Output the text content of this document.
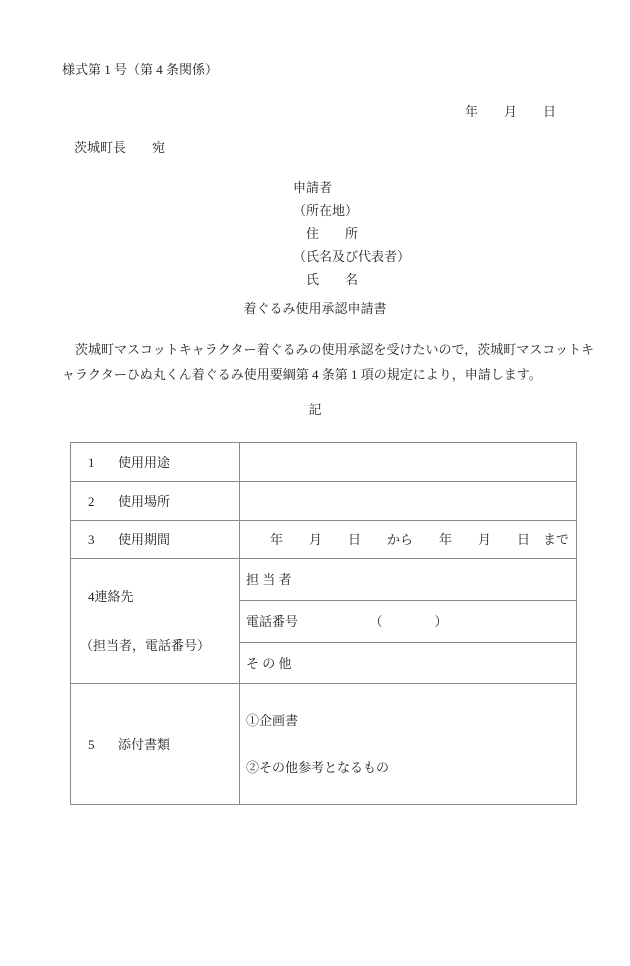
様式第 1 号（第 4 条関係）
年　　月　　日
茨城町長　　宛
申請者
（所在地）
　住　　所
（氏名及び代表者）
　氏　　名
着ぐるみ使用承認申請書
　茨城町マスコットキャラクター着ぐるみの使用承認を受けたいので，茨城町マスコットキ
ャラクターひぬ丸くん着ぐるみ使用要綱第 4 条第 1 項の規定により，申請します。
記
1 使用用途	
2 使用場所	
3 使用期間	年　　月　　日　　から　　年　　月　　日　まで

4連絡先

（担当者，電話番号）	担 当 者
	電話番号　　　　　　（　　　　）
	そ の 他
5 添付書類	①企画書

②その他参考となるもの
